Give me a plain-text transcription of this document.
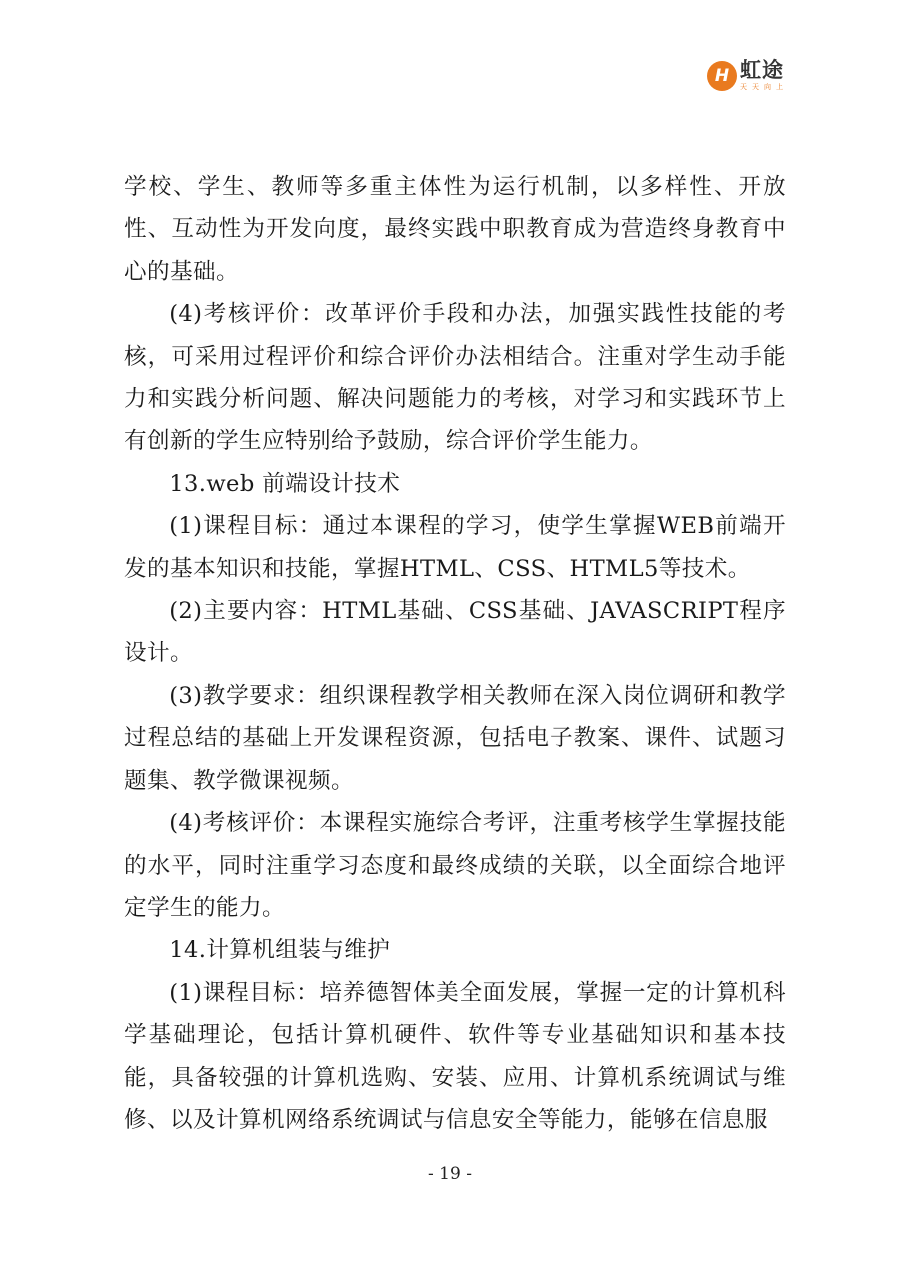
H 虹途
天天向上

学校、学生、教师等多重主体性为运行机制，以多样性、开放性、互动性为开发向度，最终实践中职教育成为营造终身教育中心的基础。

(4)考核评价：改革评价手段和办法，加强实践性技能的考核，可采用过程评价和综合评价办法相结合。注重对学生动手能力和实践分析问题、解决问题能力的考核，对学习和实践环节上有创新的学生应特别给予鼓励，综合评价学生能力。

13.web 前端设计技术

(1)课程目标：通过本课程的学习，使学生掌握WEB前端开发的基本知识和技能，掌握HTML、CSS、HTML5等技术。

(2)主要内容：HTML基础、CSS基础、JAVASCRIPT程序设计。

(3)教学要求：组织课程教学相关教师在深入岗位调研和教学过程总结的基础上开发课程资源，包括电子教案、课件、试题习题集、教学微课视频。

(4)考核评价：本课程实施综合考评，注重考核学生掌握技能的水平，同时注重学习态度和最终成绩的关联，以全面综合地评定学生的能力。

14.计算机组装与维护

(1)课程目标：培养德智体美全面发展，掌握一定的计算机科学基础理论，包括计算机硬件、软件等专业基础知识和基本技能，具备较强的计算机选购、安装、应用、计算机系统调试与维修、以及计算机网络系统调试与信息安全等能力，能够在信息服

- 19 -
